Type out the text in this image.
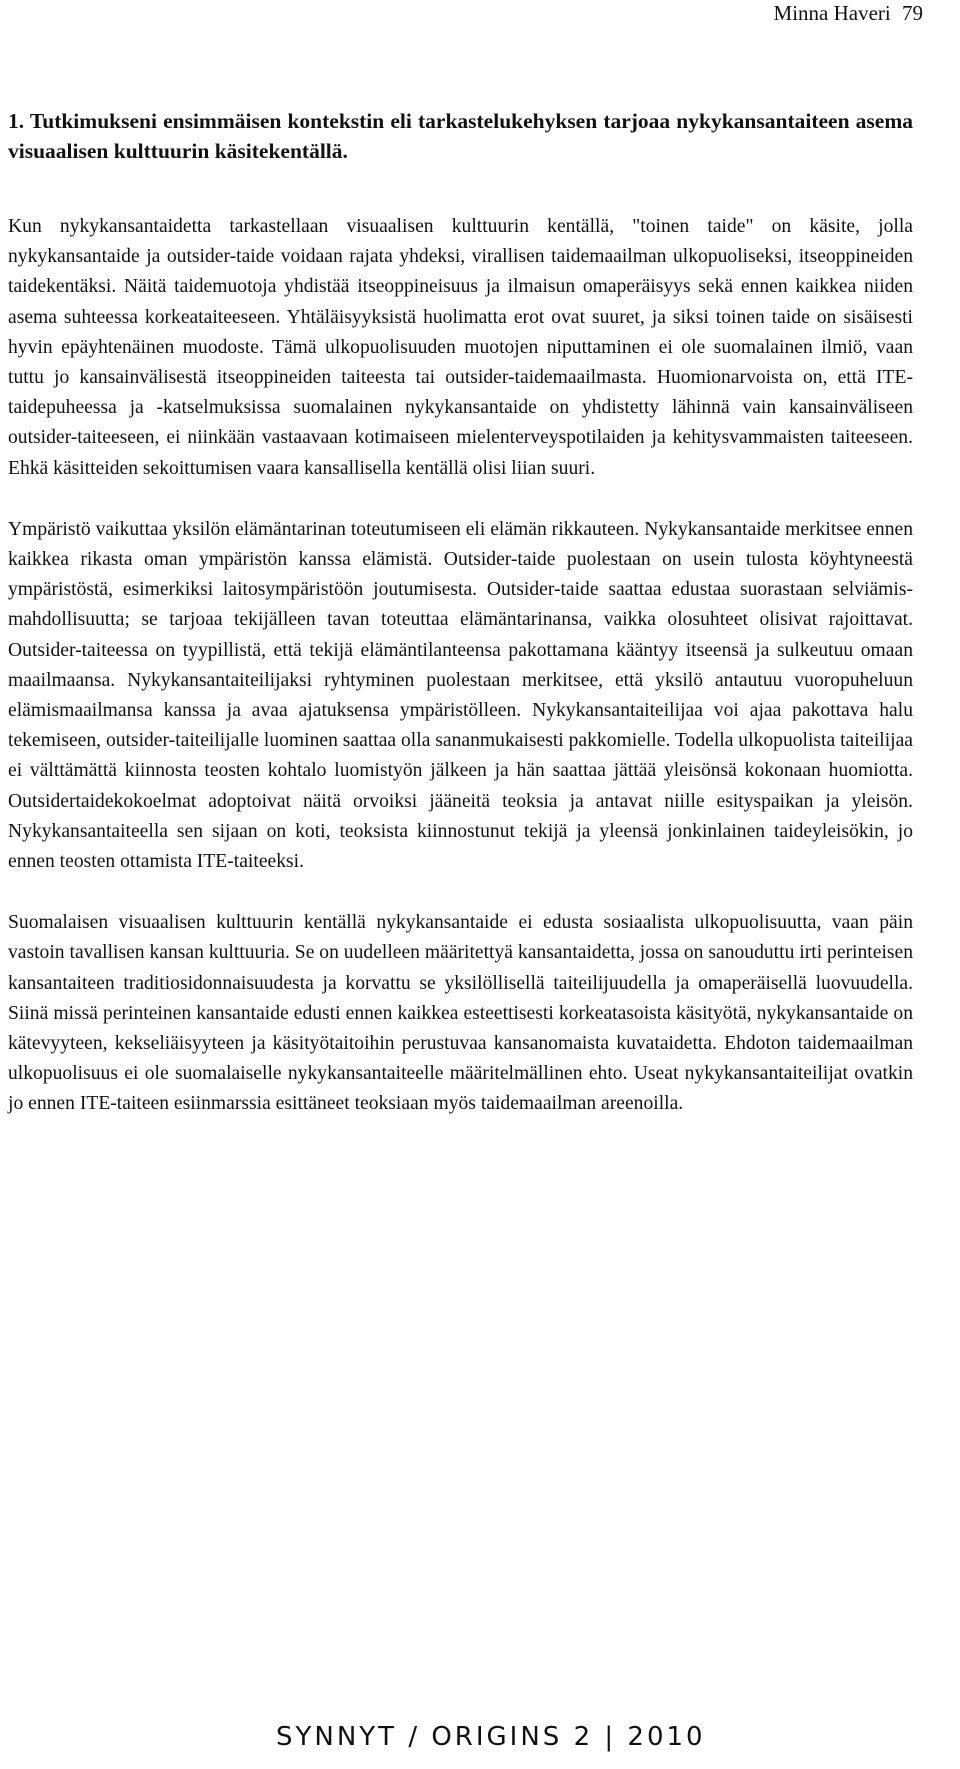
Minna Haveri 79

1. Tutkimukseni ensimmäisen kontekstin eli tarkastelukehyksen tarjoaa nykykansantaiteen asema visuaalisen kulttuurin käsitekentällä.

Kun nykykansantaidetta tarkastellaan visuaalisen kulttuurin kentällä, "toinen taide" on käsite, jolla nykykansantaide ja outsider-taide voidaan rajata yhdeksi, virallisen taidemaailman ulkopuoliseksi, itseoppineiden taidekentäksi. Näitä taidemuotoja yhdistää itseoppineisuus ja ilmaisun omaperäisyys sekä ennen kaikkea niiden asema suhteessa korkeataiteeseen. Yhtäläisyyksistä huolimatta erot ovat suuret, ja siksi toinen taide on sisäisesti hyvin epäyhtenäinen muodoste. Tämä ulkopuolisuuden muotojen niputtaminen ei ole suomalainen ilmiö, vaan tuttu jo kansainvälisestä itseoppineiden taiteesta tai outsider-taidemaailmasta. Huomionarvoista on, että ITE- taidepuheessa ja -katselmuksissa suomalainen nykykansantaide on yhdistetty lähinnä vain kansainväliseen outsider-taiteeseen, ei niinkään vastaavaan kotimaiseen mielenterveyspotilaiden ja kehitysvammaisten taiteeseen. Ehkä käsitteiden sekoittumisen vaara kansallisella kentällä olisi liian suuri.

Ympäristö vaikuttaa yksilön elämäntarinan toteutumiseen eli elämän rikkauteen. Nykykansantaide merkitsee ennen kaikkea rikasta oman ympäristön kanssa elämistä. Outsider-taide puolestaan on usein tulosta köyhtyneestä ympäristöstä, esimerkiksi laitosympäristöön joutumisesta. Outsider-taide saattaa edustaa suorastaan selviämismahdollisuutta; se tarjoaa tekijälleen tavan toteuttaa elämäntarinansa, vaikka olosuhteet olisivat rajoittavat. Outsider-taiteessa on tyypillistä, että tekijä elämäntilanteensa pakottamana kääntyy itseensä ja sulkeutuu omaan maailmaansa. Nykykansantaiteilijaksi ryhtyminen puolestaan merkitsee, että yksilö antautuu vuoropuheluun elämismaailmansa kanssa ja avaa ajatuksensa ympäristölleen. Nykykansantaiteilijaa voi ajaa pakottava halu tekemiseen, outsider-taiteilijalle luominen saattaa olla sananmukaisesti pakkomielle. Todella ulkopuolista taiteilijaa ei välttämättä kiinnosta teosten kohtalo luomistyön jälkeen ja hän saattaa jättää yleisönsä kokonaan huomiotta. Outsidertaidekokoelmat adoptoivat näitä orvoiksi jääneitä teoksia ja antavat niille esityspaikan ja yleisön. Nykykansantaiteella sen sijaan on koti, teoksista kiinnostunut tekijä ja yleensä jonkinlainen taideyleisökin, jo ennen teosten ottamista ITE-taiteeksi.

Suomalaisen visuaalisen kulttuurin kentällä nykykansantaide ei edusta sosiaalista ulkopuolisuutta, vaan päin vastoin tavallisen kansan kulttuuria. Se on uudelleen määritettyä kansantaidetta, jossa on sanouduttu irti perinteisen kansantaiteen traditiosidonnaisuudesta ja korvattu se yksilöllisellä taiteilijuudella ja omaperäisellä luovuudella. Siinä missä perinteinen kansantaide edusti ennen kaikkea esteettisesti korkeatasoista käsityötä, nykykansantaide on kätevyyteen, kekseliäisyyteen ja käsityötaitoihin perustuvaa kansanomaista kuvataidetta. Ehdoton taidemaailman ulkopuolisuus ei ole suomalaiselle nykykansantaiteelle määritelmällinen ehto. Useat nykykansantaiteilijat ovatkin jo ennen ITE-taiteen esiinmarssia esittäneet teoksiaan myös taidemaailman areenoilla.

SYNNYT / ORIGINS 2 | 2010
